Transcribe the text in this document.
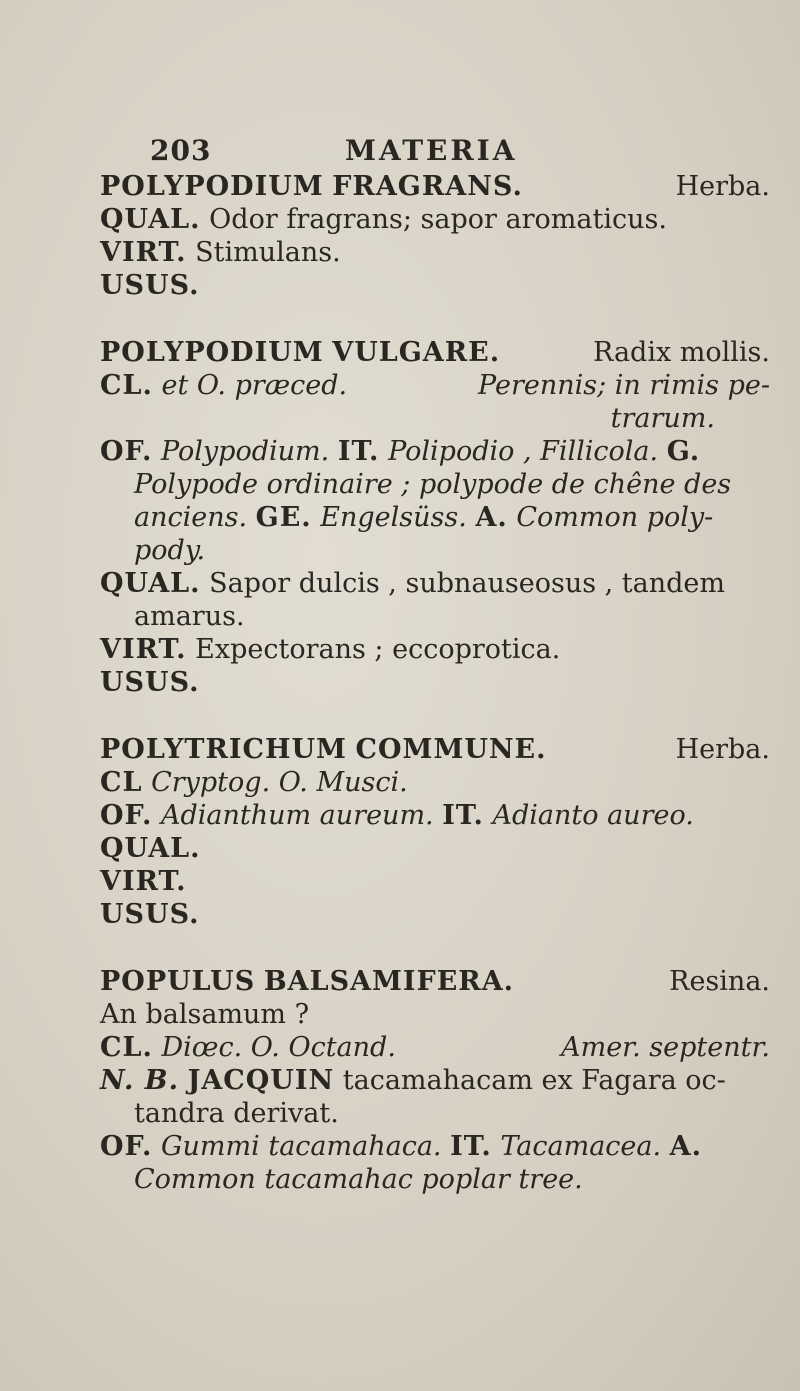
203	MATERIA
POLYPODIUM FRAGRANS.	Herba.
QUAL. Odor fragrans; sapor aromaticus.
VIRT. Stimulans.
USUS.
POLYPODIUM VULGARE.	Radix mollis.
CL. et O. præced.	Perennis; in rimis pe-
trarum.
OF. Polypodium. IT. Polipodio , Fillicola. G.
Polypode ordinaire ; polypode de chêne des
anciens. GE. Engelsüss. A. Common poly-
pody.
QUAL. Sapor dulcis , subnauseosus , tandem
amarus.
VIRT. Expectorans ; eccoprotica.
USUS.
POLYTRICHUM COMMUNE.	Herba.
CL Cryptog. O. Musci.
OF. Adianthum aureum. IT. Adianto aureo.
QUAL.
VIRT.
USUS.
POPULUS BALSAMIFERA.	Resina.
An balsamum ?
CL. Diœc. O. Octand.	Amer. septentr.
N. B. JACQUIN tacamahacam ex Fagara oc-
tandra derivat.
OF. Gummi tacamahaca. IT. Tacamacea. A.
Common tacamahac poplar tree.
